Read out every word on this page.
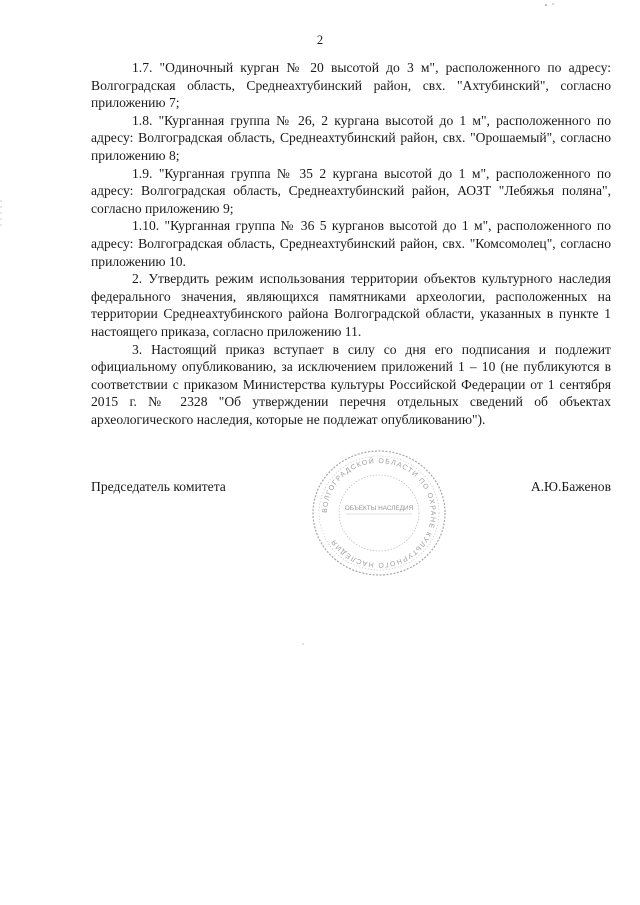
2

1.7. "Одиночный курган № 20 высотой до 3 м", расположенного по адресу: Волгоградская область, Среднеахтубинский район, свх. "Ахтубинский", согласно приложению 7;

1.8. "Курганная группа № 26, 2 кургана высотой до 1 м", расположенного по адресу: Волгоградская область, Среднеахтубинский район, свх. "Орошаемый", согласно приложению 8;

1.9. "Курганная группа № 35 2 кургана высотой до 1 м", расположенного по адресу: Волгоградская область, Среднеахтубинский район, АОЗТ "Лебяжья поляна", согласно приложению 9;

1.10. "Курганная группа № 36 5 курганов высотой до 1 м", расположенного по адресу: Волгоградская область, Среднеахтубинский район, свх. "Комсомолец", согласно приложению 10.

2. Утвердить режим использования территории объектов культурного наследия федерального значения, являющихся памятниками археологии, расположенных на территории Среднеахтубинского района Волгоградской области, указанных в пункте 1 настоящего приказа, согласно приложению 11.

3. Настоящий приказ вступает в силу со дня его подписания и подлежит официальному опубликованию, за исключением приложений 1 – 10 (не публикуются в соответствии с приказом Министерства культуры Российской Федерации от 1 сентября 2015 г. № 2328 "Об утверждении перечня отдельных сведений об объектах археологического наследия, которые не подлежат опубликованию").

Председатель комитета	А.Ю.Баженов
ВОЛГОГРАДСКОЙ ОБЛАСТИ ПО ОХРАНЕ КУЛЬТУРНОГО НАСЛЕДИЯ
ОБЪЕКТЫ НАСЛЕДИЯ
